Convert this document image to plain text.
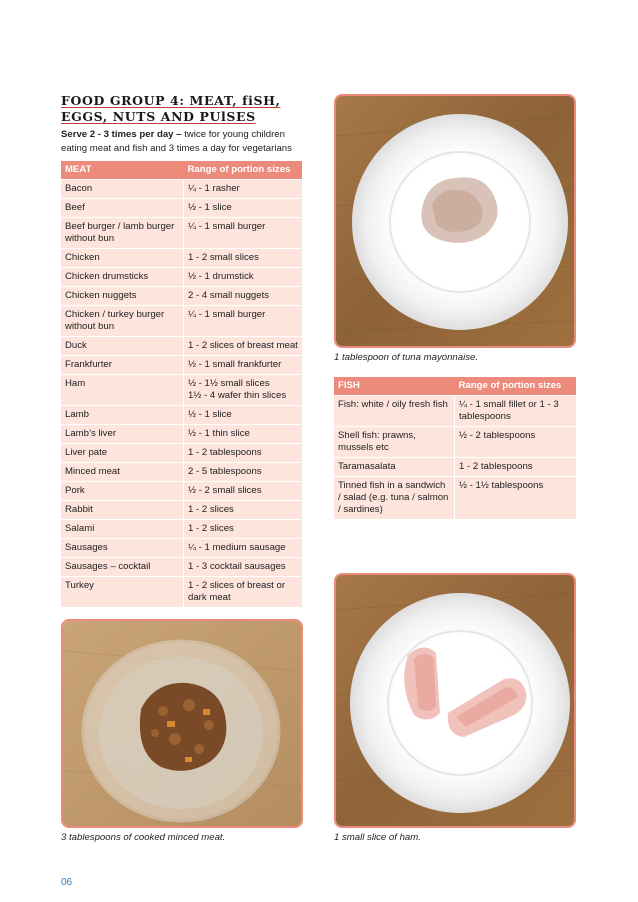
FOOD GROUP 4: MEAT, fiSH,
EGGS, NUTS AND PUlSES
Serve 2 - 3 times per day – twice for young children
eating meat and fish and 3 times a day for vegetarians
MEAT	Range of portion sizes
Bacon	¼ - 1 rasher
Beef	½ - 1 slice
Beef burger / lamb burger without bun	¼ - 1 small burger
Chicken	1 - 2 small slices
Chicken drumsticks	½ - 1 drumstick
Chicken nuggets	2 - 4 small nuggets
Chicken / turkey burger without bun	¼ - 1 small burger
Duck	1 - 2 slices of breast meat
Frankfurter	½ - 1 small frankfurter
Ham	½ - 1½ small slices
1½ - 4 wafer thin slices
Lamb	½ - 1 slice
Lamb’s liver	½ - 1 thin slice
Liver pate	1 - 2 tablespoons
Minced meat	2 - 5 tablespoons
Pork	½ - 2 small slices
Rabbit	1 - 2 slices
Salami	1 - 2 slices
Sausages	¼ - 1 medium sausage
Sausages – cocktail	1 - 3 cocktail sausages
Turkey	1 - 2 slices of breast or dark meat
FISH	Range of portion sizes
Fish: white / oily fresh fish	¼ - 1 small fillet or 1 - 3 tablespoons
Shell fish: prawns, mussels etc	½ - 2 tablespoons
Taramasalata	1 - 2 tablespoons
Tinned fish in a sandwich / salad (e.g. tuna / salmon / sardines)	½ - 1½ tablespoons
1 tablespoon of tuna mayonnaise.
3 tablespoons of cooked minced meat.	1 small slice of ham.
06
